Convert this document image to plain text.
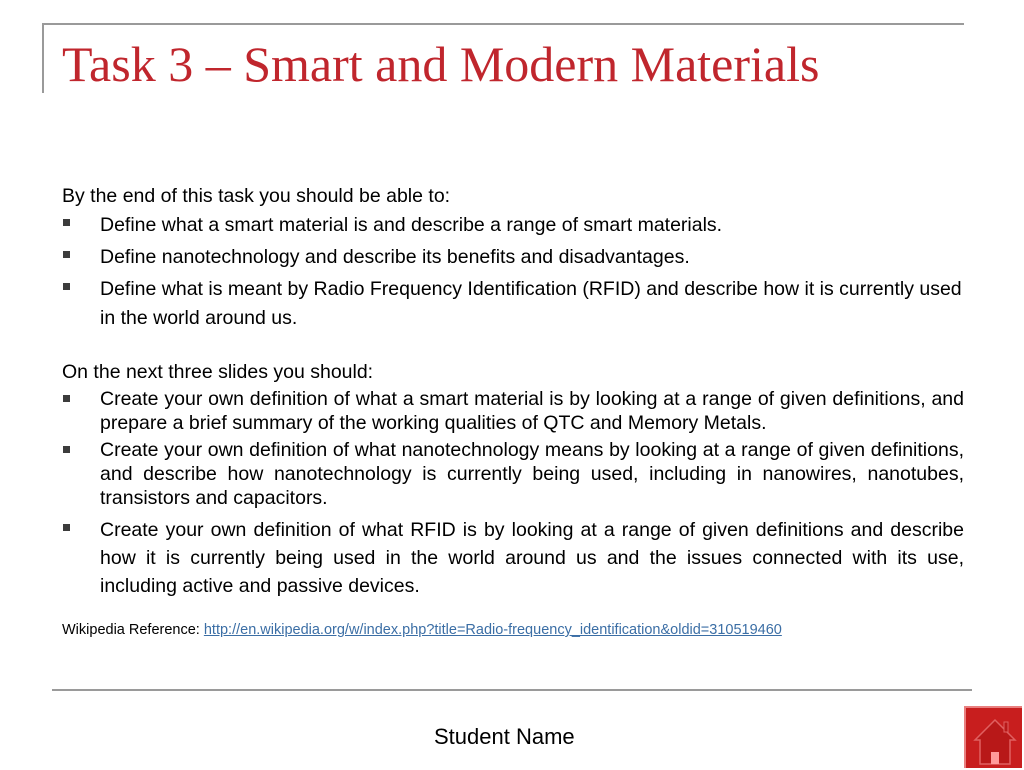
Task 3 – Smart and Modern Materials

By the end of this task you should be able to:

Define what a smart material is and describe a range of smart materials.
Define nanotechnology and describe its benefits and disadvantages.
Define what is meant by Radio Frequency Identification (RFID) and describe how it is currently used in the world around us.

On the next three slides you should:

Create your own definition of what a smart material is by looking at a range of given definitions, and prepare a brief summary of the working qualities of QTC and Memory Metals.
Create your own definition of what nanotechnology means by looking at a range of given definitions, and describe how nanotechnology is currently being used, including in nanowires, nanotubes, transistors and capacitors.
Create your own definition of what RFID is by looking at a range of given definitions and describe how it is currently being used in the world around us and the issues connected with its use, including active and passive devices.
Wikipedia Reference: http://en.wikipedia.org/w/index.php?title=Radio-frequency_identification&oldid=310519460
Student Name
